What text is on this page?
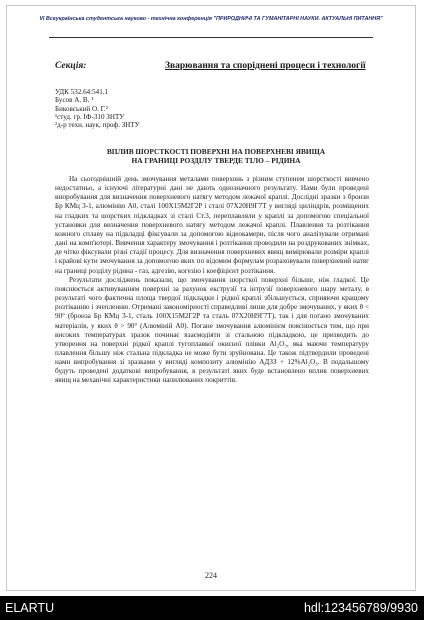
VI Всеукраїнська студентська науково - технічна конференція "ПРИРОДНИЧІ ТА ГУМАНІТАРНІ НАУКИ. АКТУАЛЬНІ ПИТАННЯ"
Секція:	Зварювання та споріднені процеси і технології
УДК 532.64:541.1
Бусов А. В. ¹
Биковський О. Г.²
¹студ. гр. ІФ-310 ЗНТУ
²д-р техн. наук, проф. ЗНТУ
ВПЛИВ ШОРСТКОСТІ ПОВЕРХНІ НА ПОВЕРХНЕВІ ЯВИЩА
НА ГРАНИЦІ РОЗДІЛУ ТВЕРДЕ ТІЛО – РІДИНА

На сьогоднішній день змочування металами поверхонь з різним ступенем шорсткості вивчено недостатньо, а існуючі літературні дані не дають однозначного результату. Нами були проведені випробування для визначення поверхневого натягу методом лежачої краплі. Дослідні зразки з бронзи Бр КМц 3-1, алюмінію А0, сталі 100Х15М2Г2Р і сталі 07Х20Н9Г7Т у вигляді циліндрів, розміщених на гладких та шорстких підкладках зі сталі Ст.3, переплавляли у краплі за допомогою спеціальної установки для визначення поверхневого натягу методом лежачої краплі. Плавлення та розтікання кожного сплаву на підкладці фіксували за допомогою відеокамери, після чого аналізували отримані дані на комп'ютері. Вивчення характеру змочування і розтікання проводили на роздрукованих знімках, де чітко фіксували різні стадії процесу. Для визначення поверхневих явищ вимірювали розміри краплі і крайові кути змочування за допомогою яких по відомим формулам розраховували поверхневий натяг на границі розділу рідина - газ, адгезію, когезію і коефіцієнт розтікання.

Результати досліджень показали, що змочування шорсткої поверхні більше, ніж гладкої. Це пояснюється активуванням поверхні за рахунок екструзії та інтрузії поверхневого шару металу, в результаті чого фактична площа твердої підкладки і рідкої краплі збільшується, сприяючи кращому розтіканню і зчепленню. Отримані закономірності справедливі лише для добре змочуваних, у яких θ < 90° (бронза Бр КМц 3-1, сталь 100Х15М2Г2Р та сталь 07Х20Н9Г7Т), так і для погано змочуваних матеріалів, у яких θ > 90° (Алюміній А0). Погане змочування алюмінієм пояснюється тим, що при високих температурах зразок починає взаємодіяти зі стальною підкладкою, це призводить до утворення на поверхні рідкої краплі тугоплавкої окисної плівки Al₂O₃, яка маючи температуру плавлення більшу ніж стальна підкладка не може бути зруйнована. Це також підтвердили проведені нами випробування зі зразками у вигляді композиту алюмінію АДЗЗ + 12%Al₂O₃. В подальшому будуть проведені додаткові випробування, в результаті яких буде встановлено вплив поверхневих явищ на механічні характеристики напилюваних покриттів.

224
ELARTU	hdl:123456789/9930
